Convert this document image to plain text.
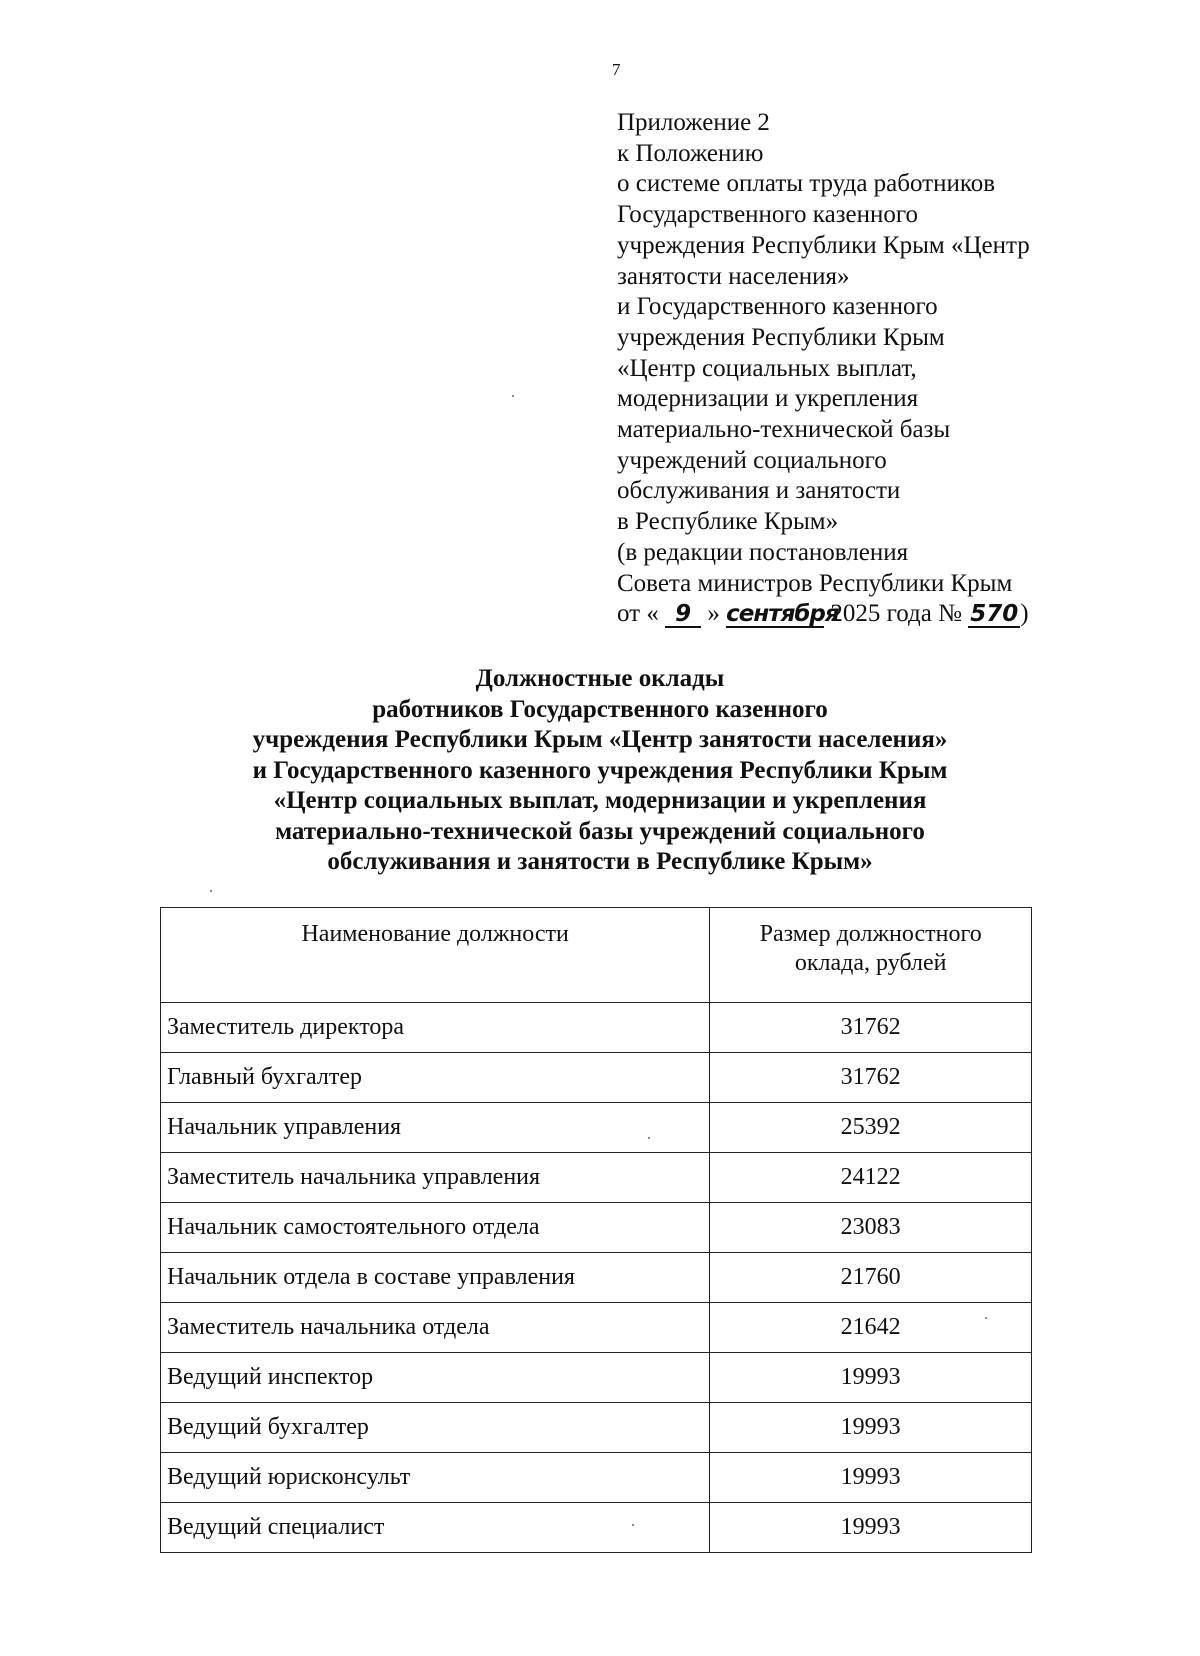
7
Приложение 2
к Положению
о системе оплаты труда работников
Государственного казенного
учреждения Республики Крым «Центр
занятости населения»
и Государственного казенного
учреждения Республики Крым
«Центр социальных выплат,
модернизации и укрепления
материально-технической базы
учреждений социального
обслуживания и занятости
в Республике Крым»
(в редакции постановления
Совета министров Республики Крым
от « 9 » сентября 2025 года № 570)
Должностные оклады
работников Государственного казенного
учреждения Республики Крым «Центр занятости населения»
и Государственного казенного учреждения Республики Крым
«Центр социальных выплат, модернизации и укрепления
материально-технической базы учреждений социального
обслуживания и занятости в Республике Крым»
Наименование должности	Размер должностного
оклада, рублей
Заместитель директора	31762
Главный бухгалтер	31762
Начальник управления	25392
Заместитель начальника управления	24122
Начальник самостоятельного отдела	23083
Начальник отдела в составе управления	21760
Заместитель начальника отдела	21642
Ведущий инспектор	19993
Ведущий бухгалтер	19993
Ведущий юрисконсульт	19993
Ведущий специалист	19993
